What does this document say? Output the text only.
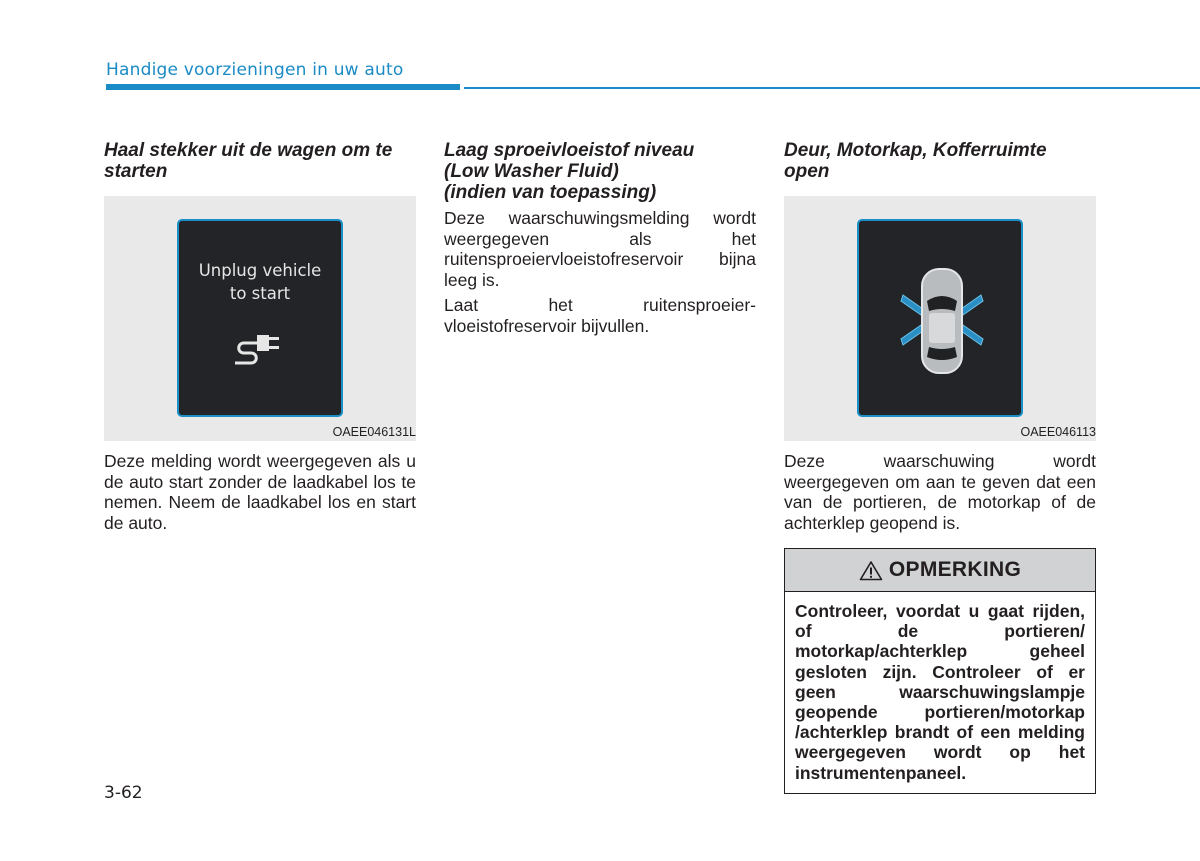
Handige voorzieningen in uw auto
Haal stekker uit de wagen om te starten
Unplug vehicle
to start
OAEE046131L

Deze melding wordt weergegeven als u de auto start zonder de laadkabel los te nemen. Neem de laadkabel los en start de auto.

Laag sproeivloeistof niveau
(Low Washer Fluid)
(indien van toepassing)

Deze waarschuwingsmelding wordt weergegeven als het ruitensproeiervloeistofreservoir bijna leeg is.

Laat het ruitensproeier-
vloeistofreservoir bijvullen.

Deur, Motorkap, Kofferruimte open
OAEE046113

Deze waarschuwing wordt weergegeven om aan te geven dat een van de portieren, de motorkap of de achterklep geopend is.

OPMERKING
Controleer, voordat u gaat rijden, of de portieren/ motorkap/achterklep geheel gesloten zijn. Controleer of er geen waarschuwingslampje geopende portieren/motorkap /achterklep brandt of een melding weergegeven wordt op het instrumentenpaneel.
3-62
